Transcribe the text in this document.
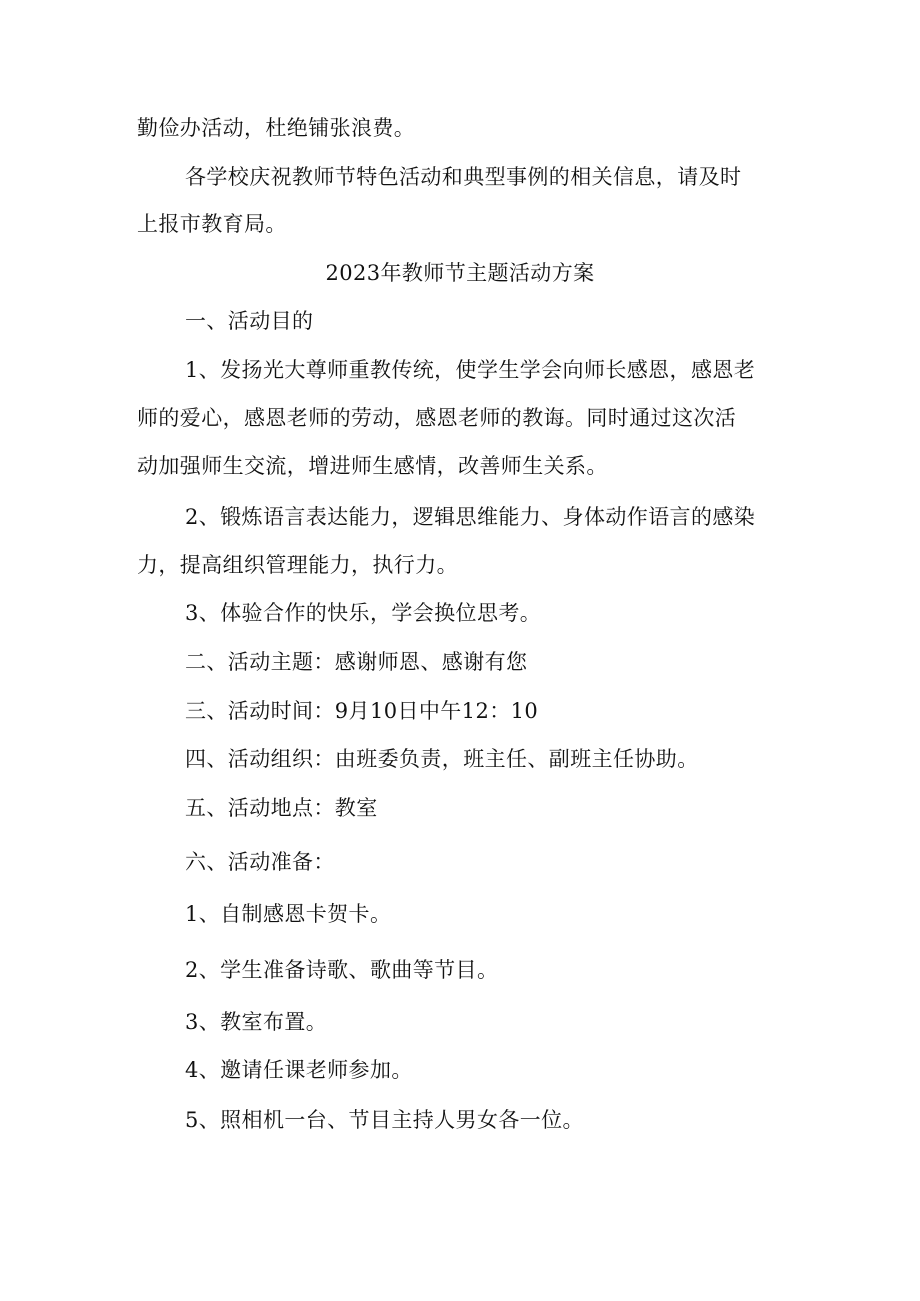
勤俭办活动，杜绝铺张浪费。
各学校庆祝教师节特色活动和典型事例的相关信息，请及时
上报市教育局。
2023年教师节主题活动方案
一、活动目的
1、发扬光大尊师重教传统，使学生学会向师长感恩，感恩老
师的爱心，感恩老师的劳动，感恩老师的教诲。同时通过这次活
动加强师生交流，增进师生感情，改善师生关系。
2、锻炼语言表达能力，逻辑思维能力、身体动作语言的感染
力，提高组织管理能力，执行力。
3、体验合作的快乐，学会换位思考。
二、活动主题：感谢师恩、感谢有您
三、活动时间：9月10日中午12：10
四、活动组织：由班委负责，班主任、副班主任协助。
五、活动地点：教室
六、活动准备：
1、自制感恩卡贺卡。
2、学生准备诗歌、歌曲等节目。
3、教室布置。
4、邀请任课老师参加。
5、照相机一台、节目主持人男女各一位。
